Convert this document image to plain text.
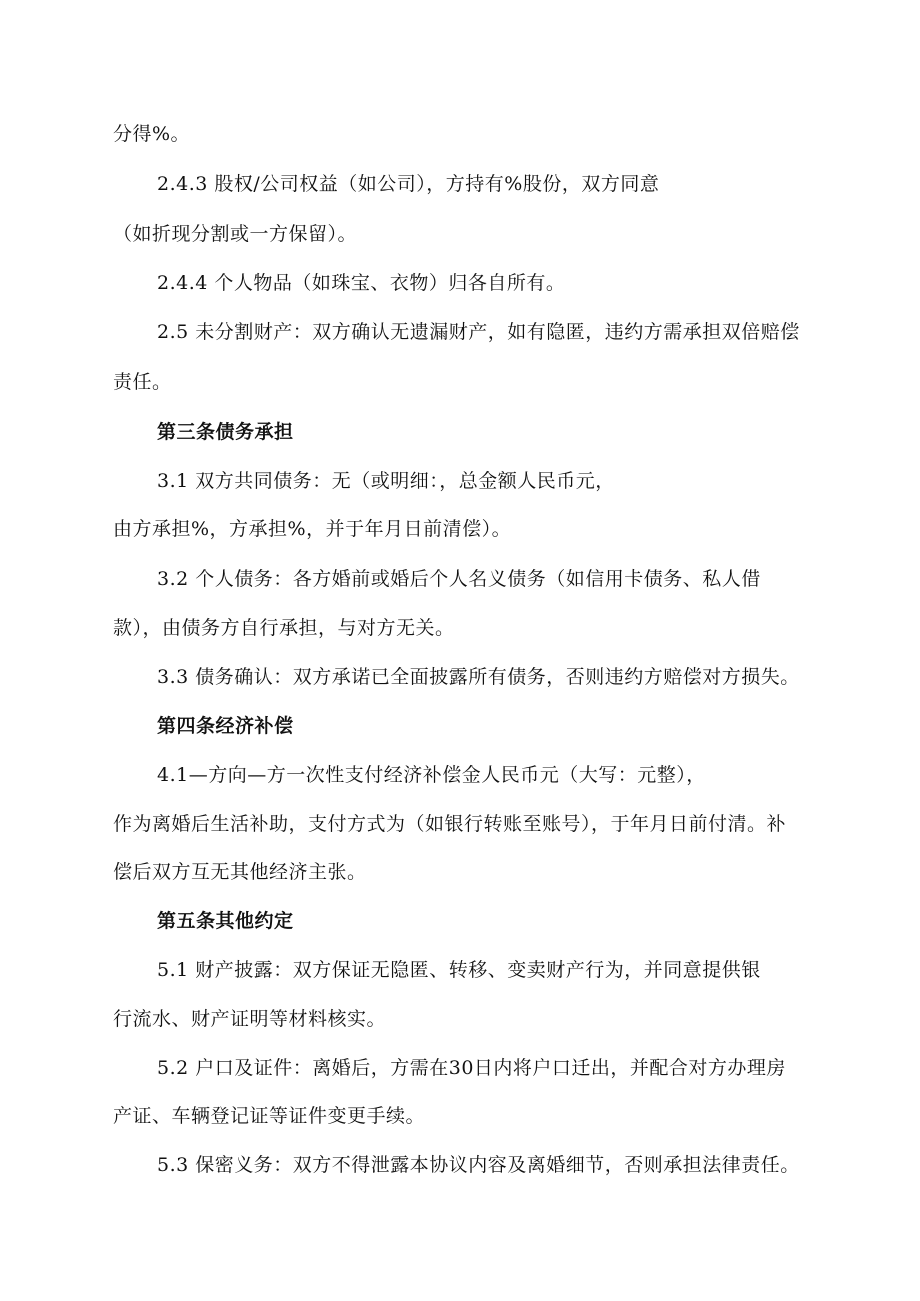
分得%。
2.4.3 股权/公司权益（如公司），方持有%股份，双方同意
（如折现分割或一方保留）。
2.4.4 个人物品（如珠宝、衣物）归各自所有。
2.5 未分割财产：双方确认无遗漏财产，如有隐匿，违约方需承担双倍赔偿
责任。
第三条债务承担
3.1 双方共同债务：无（或明细：，总金额人民币元，
由方承担%，方承担%，并于年月日前清偿）。
3.2 个人债务：各方婚前或婚后个人名义债务（如信用卡债务、私人借
款），由债务方自行承担，与对方无关。
3.3 债务确认：双方承诺已全面披露所有债务，否则违约方赔偿对方损失。
第四条经济补偿
4.1—方向—方一次性支付经济补偿金人民币元（大写：元整），
作为离婚后生活补助，支付方式为（如银行转账至账号），于年月日前付清。补
偿后双方互无其他经济主张。
第五条其他约定
5.1 财产披露：双方保证无隐匿、转移、变卖财产行为，并同意提供银
行流水、财产证明等材料核实。
5.2 户口及证件：离婚后，方需在30日内将户口迁出，并配合对方办理房
产证、车辆登记证等证件变更手续。
5.3 保密义务：双方不得泄露本协议内容及离婚细节，否则承担法律责任。
